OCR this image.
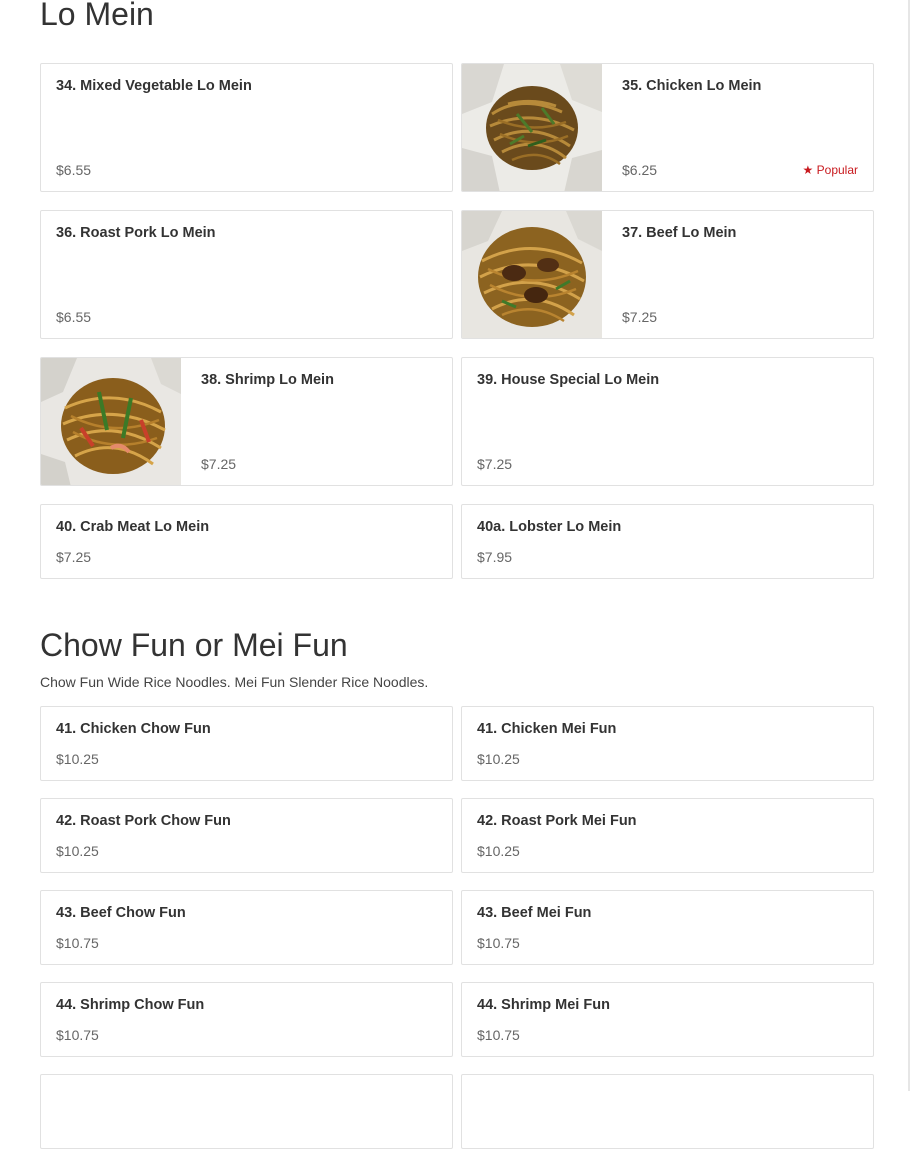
Lo Mein
34. Mixed Vegetable Lo Mein
$6.55
35. Chicken Lo Mein
$6.25	★ Popular
36. Roast Pork Lo Mein
$6.55
37. Beef Lo Mein
$7.25
38. Shrimp Lo Mein
$7.25
39. House Special Lo Mein
$7.25
40. Crab Meat Lo Mein
$7.25
40a. Lobster Lo Mein
$7.95
Chow Fun or Mei Fun

Chow Fun Wide Rice Noodles. Mei Fun Slender Rice Noodles.

41. Chicken Chow Fun
$10.25
41. Chicken Mei Fun
$10.25
42. Roast Pork Chow Fun
$10.25
42. Roast Pork Mei Fun
$10.25
43. Beef Chow Fun
$10.75
43. Beef Mei Fun
$10.75
44. Shrimp Chow Fun
$10.75
44. Shrimp Mei Fun
$10.75
